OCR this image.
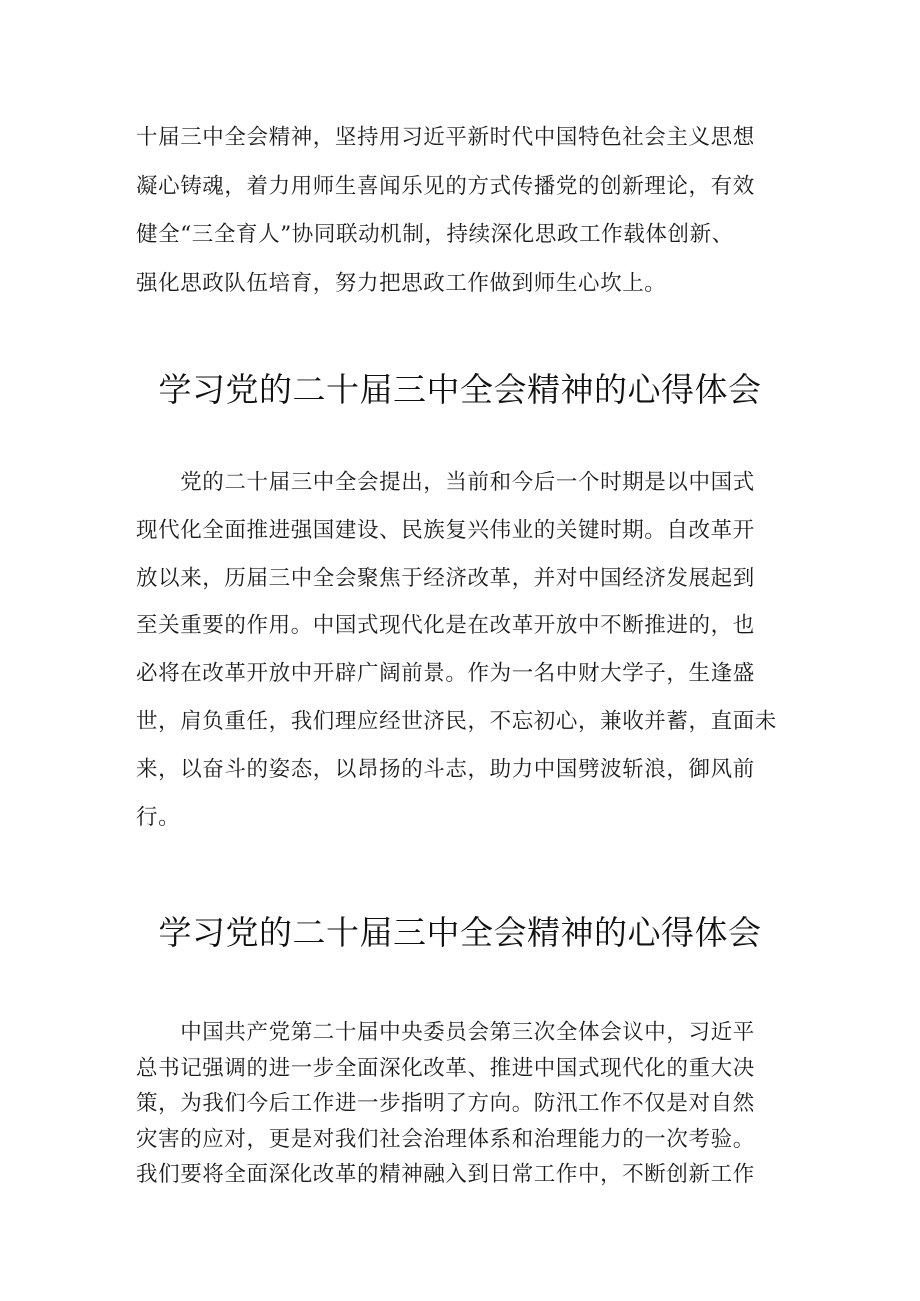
十届三中全会精神，坚持用习近平新时代中国特色社会主义思想
凝心铸魂，着力用师生喜闻乐见的方式传播党的创新理论，有效
健全“三全育人”协同联动机制，持续深化思政工作载体创新、
强化思政队伍培育，努力把思政工作做到师生心坎上。
学习党的二十届三中全会精神的心得体会
　　党的二十届三中全会提出，当前和今后一个时期是以中国式
现代化全面推进强国建设、民族复兴伟业的关键时期。自改革开
放以来，历届三中全会聚焦于经济改革，并对中国经济发展起到
至关重要的作用。中国式现代化是在改革开放中不断推进的，也
必将在改革开放中开辟广阔前景。作为一名中财大学子，生逢盛
世，肩负重任，我们理应经世济民，不忘初心，兼收并蓄，直面未
来，以奋斗的姿态，以昂扬的斗志，助力中国劈波斩浪，御风前
行。
学习党的二十届三中全会精神的心得体会
　　中国共产党第二十届中央委员会第三次全体会议中，习近平
总书记强调的进一步全面深化改革、推进中国式现代化的重大决
策，为我们今后工作进一步指明了方向。防汛工作不仅是对自然
灾害的应对，更是对我们社会治理体系和治理能力的一次考验。
我们要将全面深化改革的精神融入到日常工作中，不断创新工作
